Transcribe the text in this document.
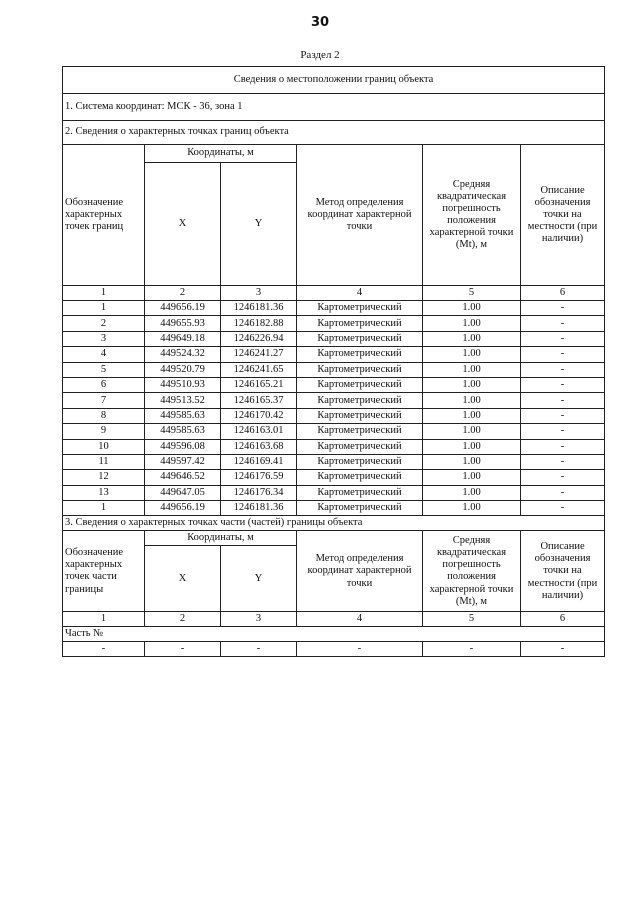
30
Раздел 2
Сведения о местоположении границ объекта					
1. Система координат: МСК - 36, зона 1					
2. Сведения о характерных точках границ объекта					
Обозначение характерных точек границ	Координаты, м		Метод определения координат характерной точки	Средняя квадратическая погрешность положения характерной точки (Mt), м	Описание обозначения точки на местности (при наличии)
	X	Y			
1	2	3	4	5	6
1	449656.19	1246181.36	Картометрический	1.00	-
2	449655.93	1246182.88	Картометрический	1.00	-
3	449649.18	1246226.94	Картометрический	1.00	-
4	449524.32	1246241.27	Картометрический	1.00	-
5	449520.79	1246241.65	Картометрический	1.00	-
6	449510.93	1246165.21	Картометрический	1.00	-
7	449513.52	1246165.37	Картометрический	1.00	-
8	449585.63	1246170.42	Картометрический	1.00	-
9	449585.63	1246163.01	Картометрический	1.00	-
10	449596.08	1246163.68	Картометрический	1.00	-
11	449597.42	1246169.41	Картометрический	1.00	-
12	449646.52	1246176.59	Картометрический	1.00	-
13	449647.05	1246176.34	Картометрический	1.00	-
1	449656.19	1246181.36	Картометрический	1.00	-
3. Сведения о характерных точках части (частей) границы объекта					

Обозначение характерных точек части границы	Координаты, м		Метод определения координат характерной точки	Средняя квадратическая погрешность положения характерной точки (Mt), м	Описание обозначения точки на местности (при наличии)
	X	Y			
1	2	3	4	5	6
Часть №					
-	-	-	-	-	-
